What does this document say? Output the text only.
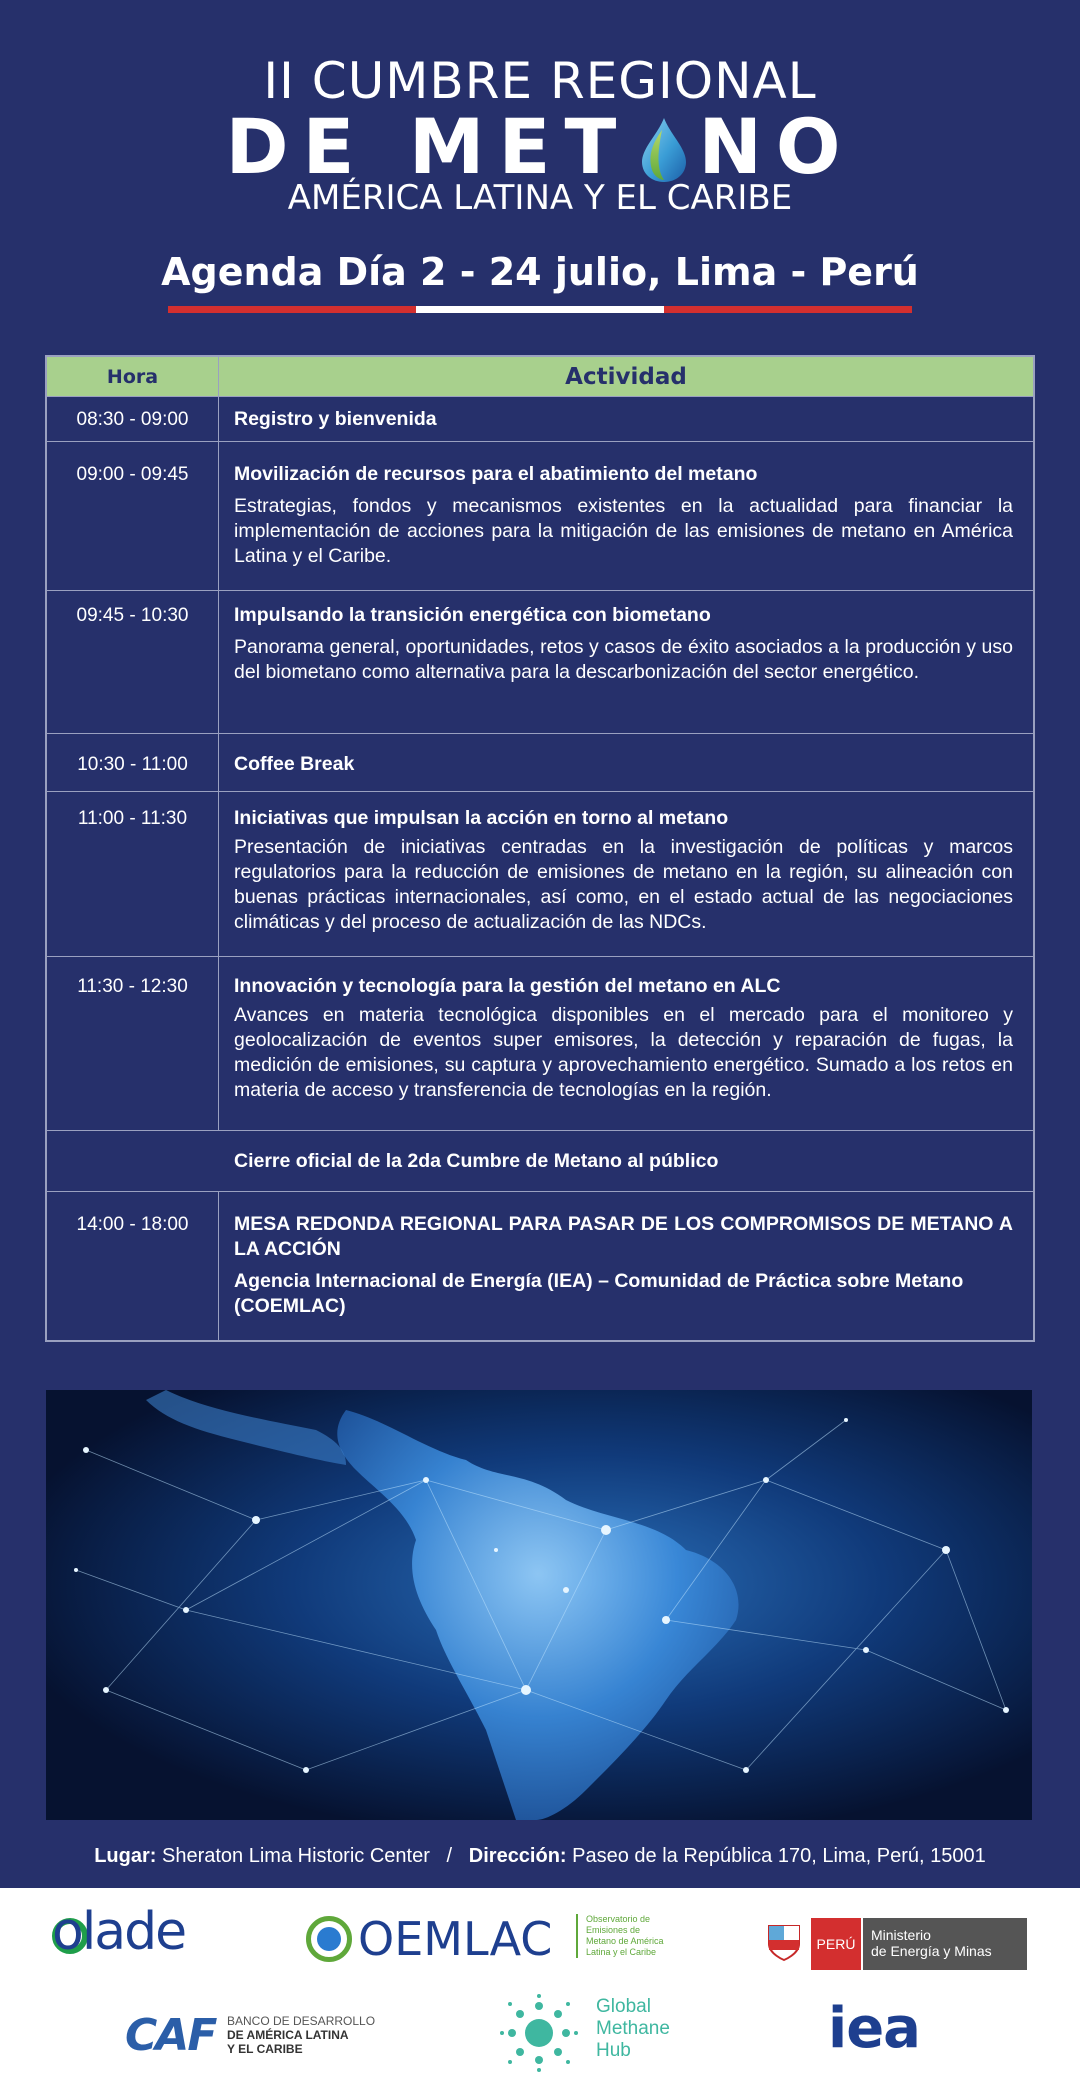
II CUMBRE REGIONAL
DE MET NO
AMÉRICA LATINA Y EL CARIBE
Agenda Día 2 - 24 julio, Lima - Perú
Hora	Actividad
08:30 - 09:00	Registro y bienvenida
09:00 - 09:45	Movilización de recursos para el abatimiento del metano
Estrategias, fondos y mecanismos existentes en la actualidad para financiar la implementación de acciones para la mitigación de las emisiones de metano en América Latina y el Caribe.
09:45 - 10:30	Impulsando la transición energética con biometano
Panorama general, oportunidades, retos y casos de éxito asociados a la producción y uso del biometano como alternativa para la descarbonización del sector energético.
10:30 - 11:00	Coffee Break
11:00 - 11:30	Iniciativas que impulsan la acción en torno al metano
Presentación de iniciativas centradas en la investigación de políticas y marcos regulatorios para la reducción de emisiones de metano en la región, su alineación con buenas prácticas internacionales, así como, en el estado actual de las negociaciones climáticas y del proceso de actualización de las NDCs.
11:30 - 12:30	Innovación y tecnología para la gestión del metano en ALC
Avances en materia tecnológica disponibles en el mercado para el monitoreo y geolocalización de eventos super emisores, la detección y reparación de fugas, la medición de emisiones, su captura y aprovechamiento energético. Sumado a los retos en materia de acceso y transferencia de tecnologías en la región.
Cierre oficial de la 2da Cumbre de Metano al público
14:00 - 18:00	MESA REDONDA REGIONAL PARA PASAR DE LOS COMPROMISOS DE METANO A LA ACCIÓN
Agencia Internacional de Energía (IEA) – Comunidad de Práctica sobre Metano (COEMLAC)
Lugar: Sheraton Lima Historic Center / Dirección: Paseo de la República 170, Lima, Perú, 15001
olade	OEMLAC	Observatorio de
Emisiones de
Metano de América
Latina y el Caribe	PERÚ
Ministerio
de Energía y Minas
CAF BANCO DE DESARROLLO
DE AMÉRICA LATINA
Y EL CARIBE
Global
Methane
Hub	iea
